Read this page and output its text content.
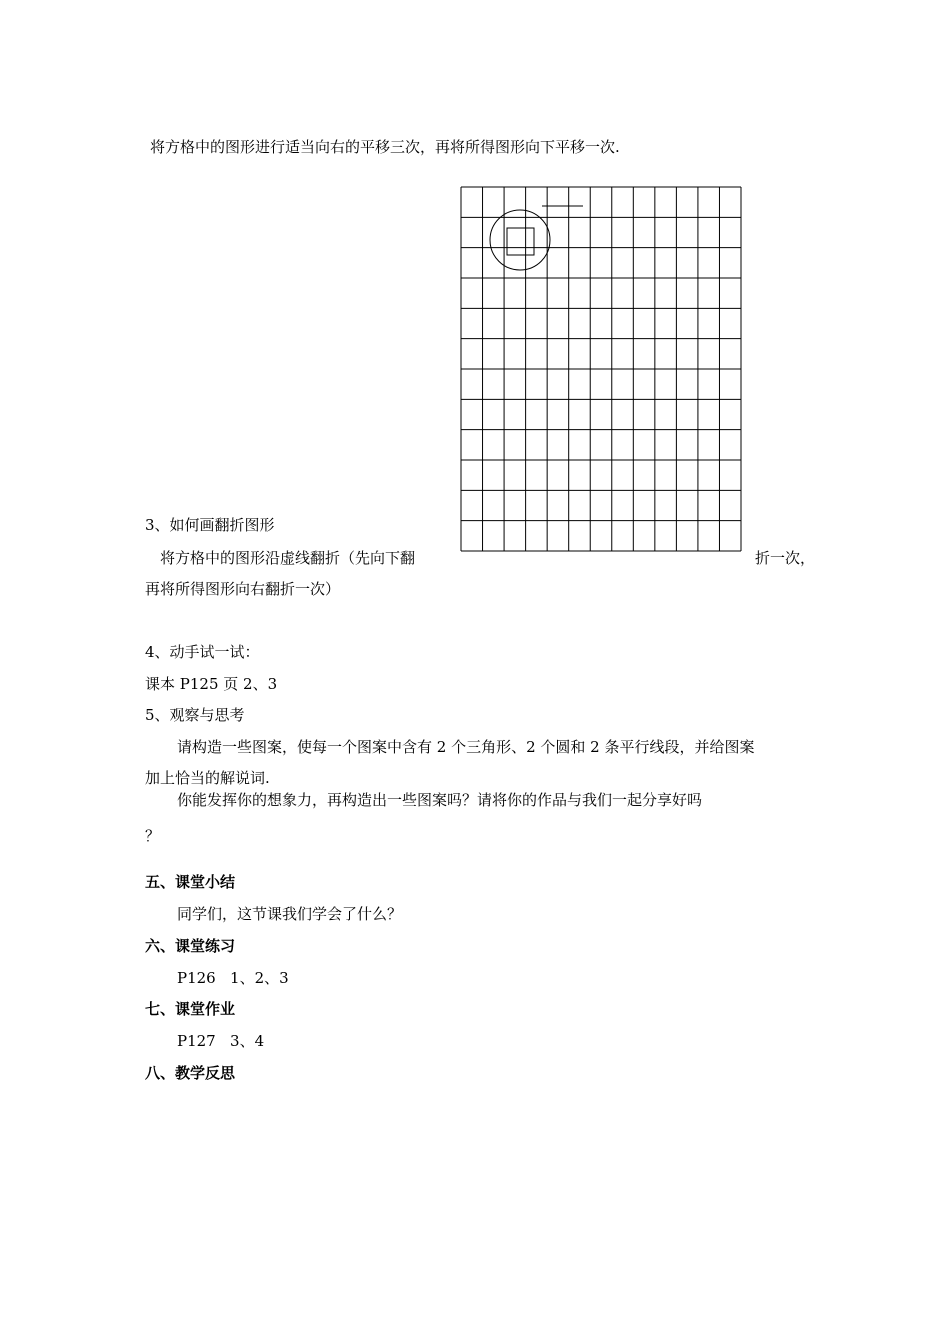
将方格中的图形进行适当向右的平移三次，再将所得图形向下平移一次.
3、如何画翻折图形
将方格中的图形沿虚线翻折（先向下翻	折一次，
再将所得图形向右翻折一次）
4、动手试一试：
课本 P125 页 2、3
5、观察与思考
请构造一些图案，使每一个图案中含有 2 个三角形、2 个圆和 2 条平行线段，并给图案
加上恰当的解说词.
你能发挥你的想象力，再构造出一些图案吗？请将你的作品与我们一起分享好吗
？
五、课堂小结
同学们，这节课我们学会了什么？
六、课堂练习
P126   1、2、3
七、课堂作业
P127   3、4
八、教学反思
